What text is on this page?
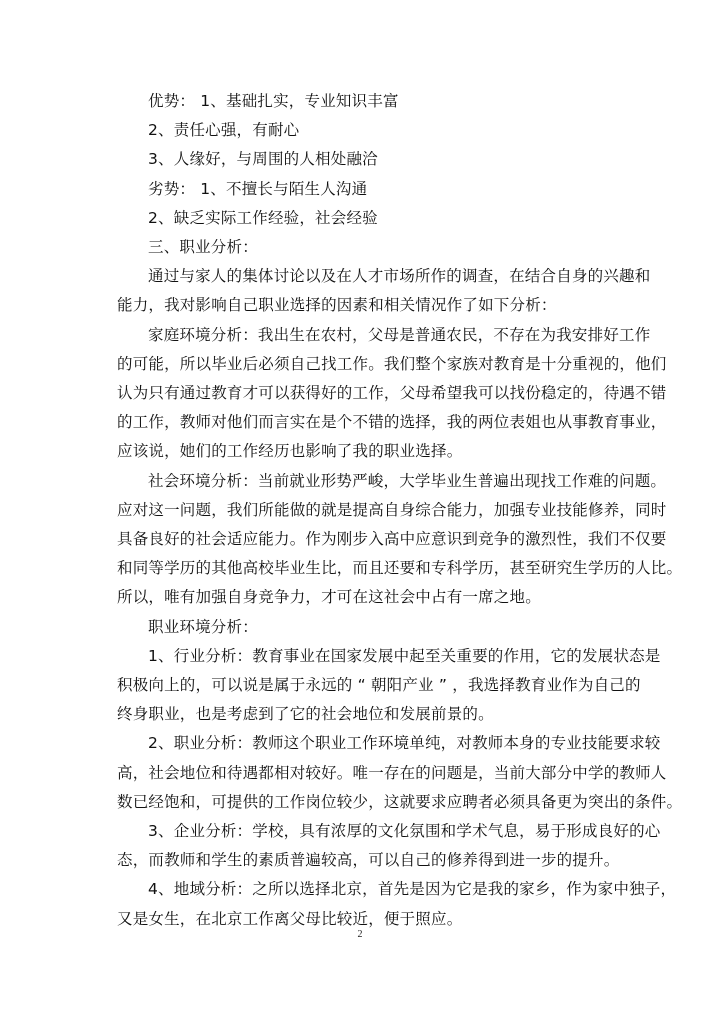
优势： 1、基础扎实，专业知识丰富
2、责任心强，有耐心
3、人缘好，与周围的人相处融洽
劣势： 1、不擅长与陌生人沟通
2、缺乏实际工作经验，社会经验
三、职业分析：
通过与家人的集体讨论以及在人才市场所作的调查，在结合自身的兴趣和
能力，我对影响自己职业选择的因素和相关情况作了如下分析：
家庭环境分析：我出生在农村，父母是普通农民，不存在为我安排好工作
的可能，所以毕业后必须自己找工作。我们整个家族对教育是十分重视的，他们
认为只有通过教育才可以获得好的工作，父母希望我可以找份稳定的，待遇不错
的工作，教师对他们而言实在是个不错的选择，我的两位表姐也从事教育事业，
应该说，她们的工作经历也影响了我的职业选择。
社会环境分析：当前就业形势严峻，大学毕业生普遍出现找工作难的问题。
应对这一问题，我们所能做的就是提高自身综合能力，加强专业技能修养，同时
具备良好的社会适应能力。作为刚步入高中应意识到竞争的激烈性，我们不仅要
和同等学历的其他高校毕业生比，而且还要和专科学历，甚至研究生学历的人比。
所以，唯有加强自身竞争力，才可在这社会中占有一席之地。
职业环境分析：
1、行业分析：教育事业在国家发展中起至关重要的作用，它的发展状态是
积极向上的，可以说是属于永远的 “ 朝阳产业 ” ，我选择教育业作为自己的
终身职业，也是考虑到了它的社会地位和发展前景的。
2、职业分析：教师这个职业工作环境单纯，对教师本身的专业技能要求较
高，社会地位和待遇都相对较好。唯一存在的问题是，当前大部分中学的教师人
数已经饱和，可提供的工作岗位较少，这就要求应聘者必须具备更为突出的条件。
3、企业分析：学校，具有浓厚的文化氛围和学术气息，易于形成良好的心
态，而教师和学生的素质普遍较高，可以自己的修养得到进一步的提升。
4、地域分析：之所以选择北京，首先是因为它是我的家乡，作为家中独子，
又是女生，在北京工作离父母比较近，便于照应。
2
